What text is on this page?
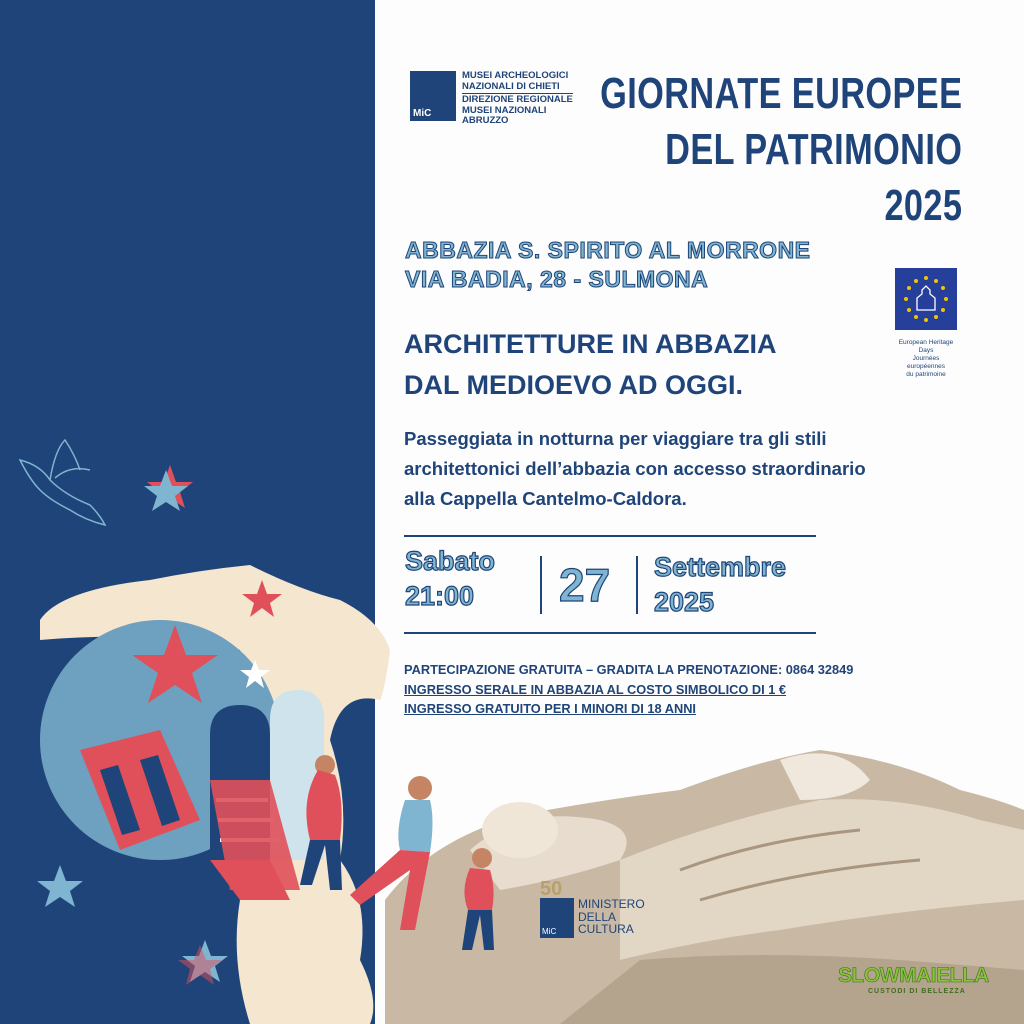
MiC
MUSEI ARCHEOLOGICI
NAZIONALI DI CHIETI
DIREZIONE REGIONALE
MUSEI NAZIONALI
ABRUZZO
GIORNATE EUROPEE
DEL PATRIMONIO
2025
ABBAZIA S. SPIRITO AL MORRONE
VIA BADIA, 28 - SULMONA
European Heritage Days
Journées européennes
du patrimoine
ARCHITETTURE IN ABBAZIA
DAL MEDIOEVO AD OGGI.
Passeggiata in notturna per viaggiare tra gli stili
architettonici dell’abbazia con accesso straordinario
alla Cappella Cantelmo-Caldora.
Sabato
21:00	27 Settembre
2025
PARTECIPAZIONE GRATUITA – GRADITA LA PRENOTAZIONE: 0864 32849
INGRESSO SERALE IN ABBAZIA AL COSTO SIMBOLICO DI 1 €
INGRESSO GRATUITO PER I MINORI DI 18 ANNI
50
MiC
MINISTERO
DELLA
CULTURA
SLOWMAIELLA
CUSTODI DI BELLEZZA
